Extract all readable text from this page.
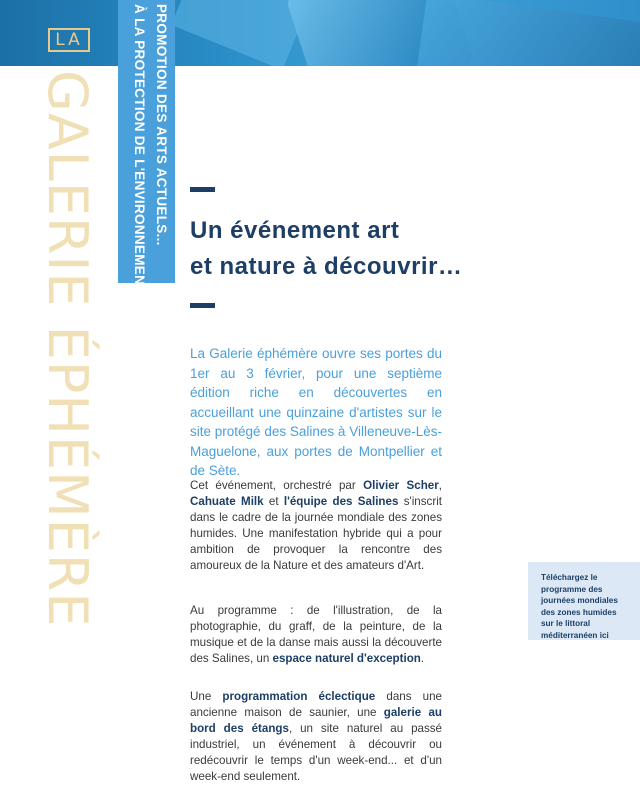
LA
GALERIE ÉPHÉMÈRE	PROMOTION DES ARTS ACTUELS...
À LA PROTECTION DE L'ENVIRONNEMENT	Un événement art
et nature à découvrir…
La Galerie éphémère ouvre ses portes du 1er au 3 février, pour une septième édition riche en découvertes en accueillant une quinzaine d'artistes sur le site protégé des Salines à Villeneuve-Lès-Maguelone, aux portes de Montpellier et de Sète.
Cet événement, orchestré par Olivier Scher, Cahuate Milk et l'équipe des Salines s'inscrit dans le cadre de la journée mondiale des zones humides. Une manifestation hybride qui a pour ambition de provoquer la rencontre des amoureux de la Nature et des amateurs d'Art.
Au programme : de l'illustration, de la photographie, du graff, de la peinture, de la musique et de la danse mais aussi la découverte des Salines, un espace naturel d'exception.
Une programmation éclectique dans une ancienne maison de saunier, une galerie au bord des étangs, un site naturel au passé industriel, un événement à découvrir ou redécouvrir le temps d'un week-end... et d'un week-end seulement.
Téléchargez le programme des journées mondiales des zones humides sur le littoral méditerranéen ici
